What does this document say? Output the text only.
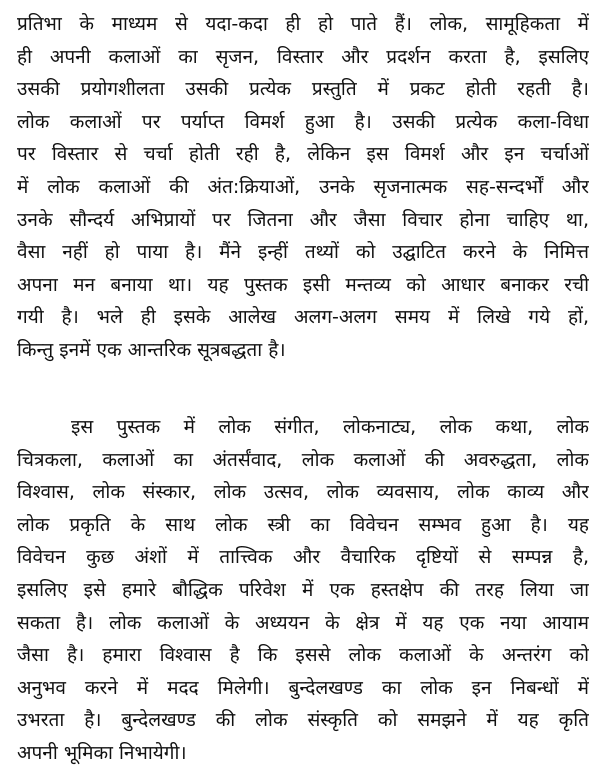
प्रतिभा के माध्यम से यदा-कदा ही हो पाते हैं। लोक, सामूहिकता में
ही अपनी कलाओं का सृजन, विस्तार और प्रदर्शन करता है, इसलिए
उसकी प्रयोगशीलता उसकी प्रत्येक प्रस्तुति में प्रकट होती रहती है।
लोक कलाओं पर पर्याप्त विमर्श हुआ है। उसकी प्रत्येक कला-विधा
पर विस्तार से चर्चा होती रही है, लेकिन इस विमर्श और इन चर्चाओं
में लोक कलाओं की अंत:क्रियाओं, उनके सृजनात्मक सह-सन्दर्भों और
उनके सौन्दर्य अभिप्रायों पर जितना और जैसा विचार होना चाहिए था,
वैसा नहीं हो पाया है। मैंने इन्हीं तथ्यों को उद्घाटित करने के निमित्त
अपना मन बनाया था। यह पुस्तक इसी मन्तव्य को आधार बनाकर रची
गयी है। भले ही इसके आलेख अलग-अलग समय में लिखे गये हों,
किन्तु इनमें एक आन्तरिक सूत्रबद्धता है।
इस पुस्तक में लोक संगीत, लोकनाट्य, लोक कथा, लोक
चित्रकला, कलाओं का अंतर्संवाद, लोक कलाओं की अवरुद्धता, लोक
विश्वास, लोक संस्कार, लोक उत्सव, लोक व्यवसाय, लोक काव्य और
लोक प्रकृति के साथ लोक स्त्री का विवेचन सम्भव हुआ है। यह
विवेचन कुछ अंशों में तात्त्विक और वैचारिक दृष्टियों से सम्पन्न है,
इसलिए इसे हमारे बौद्धिक परिवेश में एक हस्तक्षेप की तरह लिया जा
सकता है। लोक कलाओं के अध्ययन के क्षेत्र में यह एक नया आयाम
जैसा है। हमारा विश्वास है कि इससे लोक कलाओं के अन्तरंग को
अनुभव करने में मदद मिलेगी। बुन्देलखण्ड का लोक इन निबन्धों में
उभरता है। बुन्देलखण्ड की लोक संस्कृति को समझने में यह कृति
अपनी भूमिका निभायेगी।
